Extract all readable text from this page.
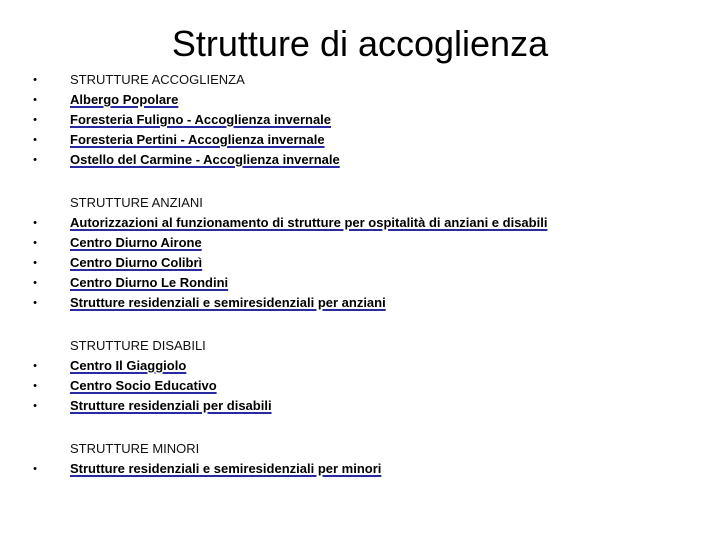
Strutture di accoglienza
•	STRUTTURE ACCOGLIENZA
•	Albergo Popolare
•	Foresteria Fuligno - Accoglienza invernale
•	Foresteria Pertini - Accoglienza invernale
•	Ostello del Carmine - Accoglienza invernale
STRUTTURE ANZIANI
•	Autorizzazioni al funzionamento di strutture per ospitalità di anziani e disabili
•	Centro Diurno Airone
•	Centro Diurno Colibrì
•	Centro Diurno Le Rondini
•	Strutture residenziali e semiresidenziali per anziani
STRUTTURE DISABILI
•	Centro Il Giaggiolo
•	Centro Socio Educativo
•	Strutture residenziali per disabili
STRUTTURE MINORI
•	Strutture residenziali e semiresidenziali per minori
